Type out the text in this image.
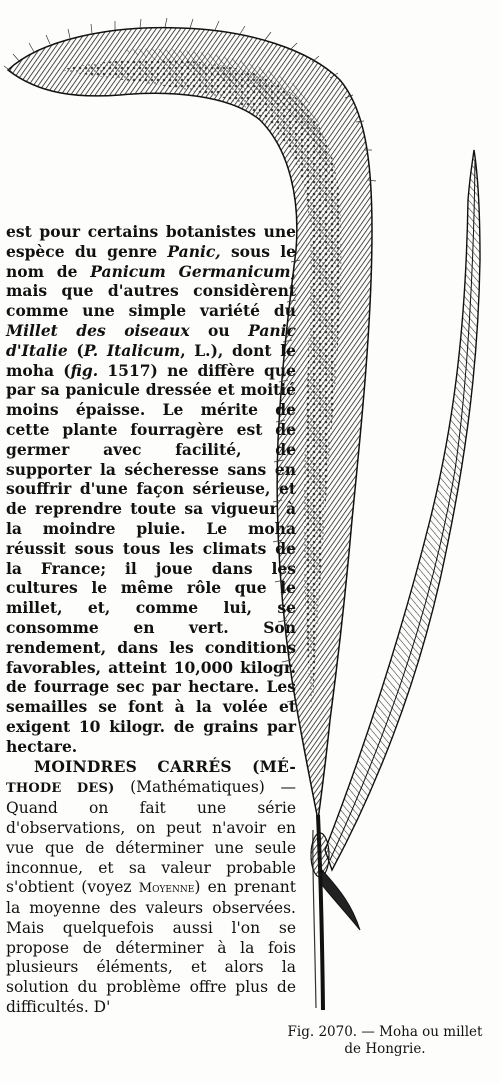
est pour certains botanistes une espèce du genre Panic, sous le nom de Panicum Germanicum, mais que d'autres considèrent comme une simple variété du Millet des oiseaux ou Panic d'Italie (P. Italicum, L.), dont le moha (fig. 1517) ne diffère que par sa panicule dressée et moitié moins épaisse. Le mérite de cette plante fourragère est de germer avec facilité, de supporter la sécheresse sans en souffrir d'une façon sérieuse, et de reprendre toute sa vigueur à la moindre pluie. Le moha réussit sous tous les climats de la France; il joue dans les cultures le même rôle que le millet, et, comme lui, se consomme en vert. Son rendement, dans les conditions favorables, atteint 10,000 kilogr. de fourrage sec par hectare. Les semailles se font à la volée et exigent 10 kilogr. de grains par hectare.

MOINDRES CARRÉS (MÉ- THODE DES) (Mathématiques) — Quand on fait une série d'observations, on peut n'avoir en vue que de déterminer une seule inconnue, et sa valeur probable s'obtient (voyez Moyenne) en prenant la moyenne des valeurs observées. Mais quelquefois aussi l'on se propose de déterminer à la fois plusieurs éléments, et alors la solution du problème offre plus de difficultés. D'

Fig. 2070. — Moha ou millet
de Hongrie.
